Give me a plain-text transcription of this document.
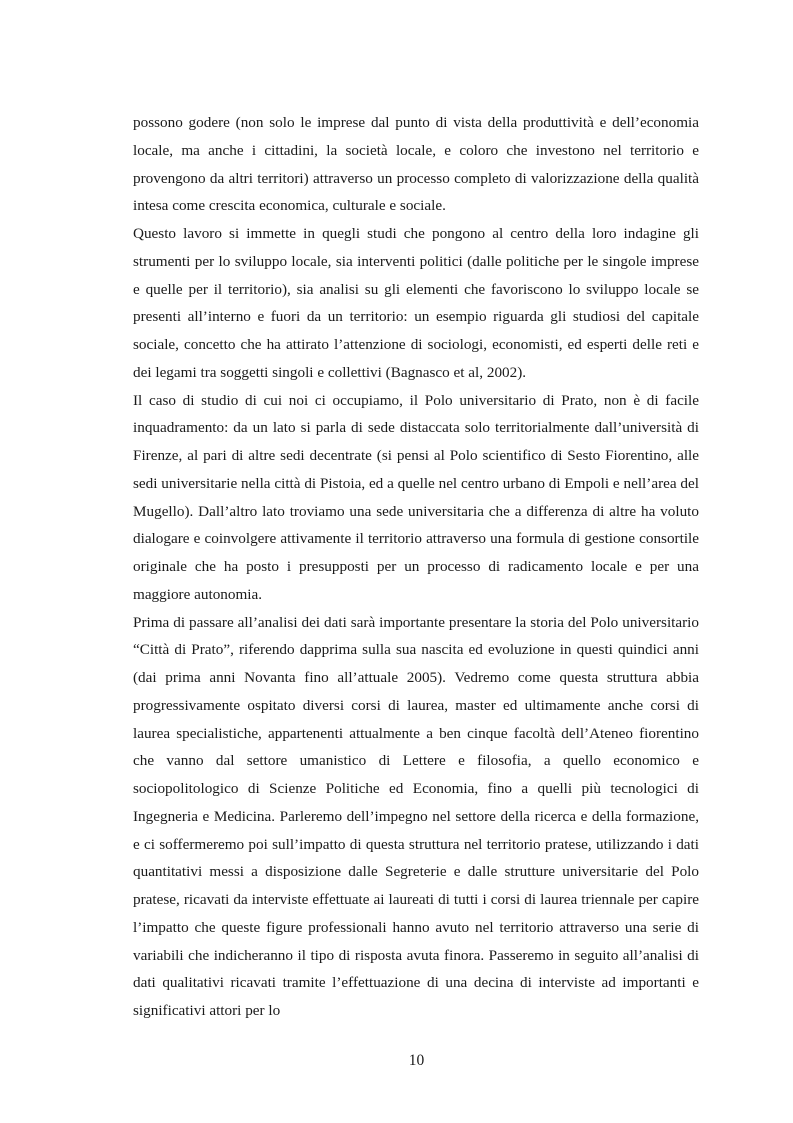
possono godere (non solo le imprese dal punto di vista della produttività e dell’economia locale, ma anche i cittadini, la società locale, e coloro che investono nel territorio e provengono da altri territori) attraverso un processo completo di valorizzazione della qualità intesa come crescita economica, culturale e sociale.

Questo lavoro si immette in quegli studi che pongono al centro della loro indagine gli strumenti per lo sviluppo locale, sia interventi politici (dalle politiche per le singole imprese e quelle per il territorio), sia analisi su gli elementi che favoriscono lo sviluppo locale se presenti all’interno e fuori da un territorio: un esempio riguarda gli studiosi del capitale sociale, concetto che ha attirato l’attenzione di sociologi, economisti, ed esperti delle reti e dei legami tra soggetti singoli e collettivi (Bagnasco et al, 2002).

Il caso di studio di cui noi ci occupiamo, il Polo universitario di Prato, non è di facile inquadramento: da un lato si parla di sede distaccata solo territorialmente dall’università di Firenze, al pari di altre sedi decentrate (si pensi al Polo scientifico di Sesto Fiorentino, alle sedi universitarie nella città di Pistoia, ed a quelle nel centro urbano di Empoli e nell’area del Mugello). Dall’altro lato troviamo una sede universitaria che a differenza di altre ha voluto dialogare e coinvolgere attivamente il territorio attraverso una formula di gestione consortile originale che ha posto i presupposti per un processo di radicamento locale e per una maggiore autonomia.

Prima di passare all’analisi dei dati sarà importante presentare la storia del Polo universitario “Città di Prato”, riferendo dapprima sulla sua nascita ed evoluzione in questi quindici anni (dai prima anni Novanta fino all’attuale 2005). Vedremo come questa struttura abbia progressivamente ospitato diversi corsi di laurea, master ed ultimamente anche corsi di laurea specialistiche, appartenenti attualmente a ben cinque facoltà dell’Ateneo fiorentino che vanno dal settore umanistico di Lettere e filosofia, a quello economico e sociopolitologico di Scienze Politiche ed Economia, fino a quelli più tecnologici di Ingegneria e Medicina. Parleremo dell’impegno nel settore della ricerca e della formazione, e ci soffermeremo poi sull’impatto di questa struttura nel territorio pratese, utilizzando i dati quantitativi messi a disposizione dalle Segreterie e dalle strutture universitarie del Polo pratese, ricavati da interviste effettuate ai laureati di tutti i corsi di laurea triennale per capire l’impatto che queste figure professionali hanno avuto nel territorio attraverso una serie di variabili che indicheranno il tipo di risposta avuta finora. Passeremo in seguito all’analisi di dati qualitativi ricavati tramite l’effettuazione di una decina di interviste ad importanti e significativi attori per lo

10
